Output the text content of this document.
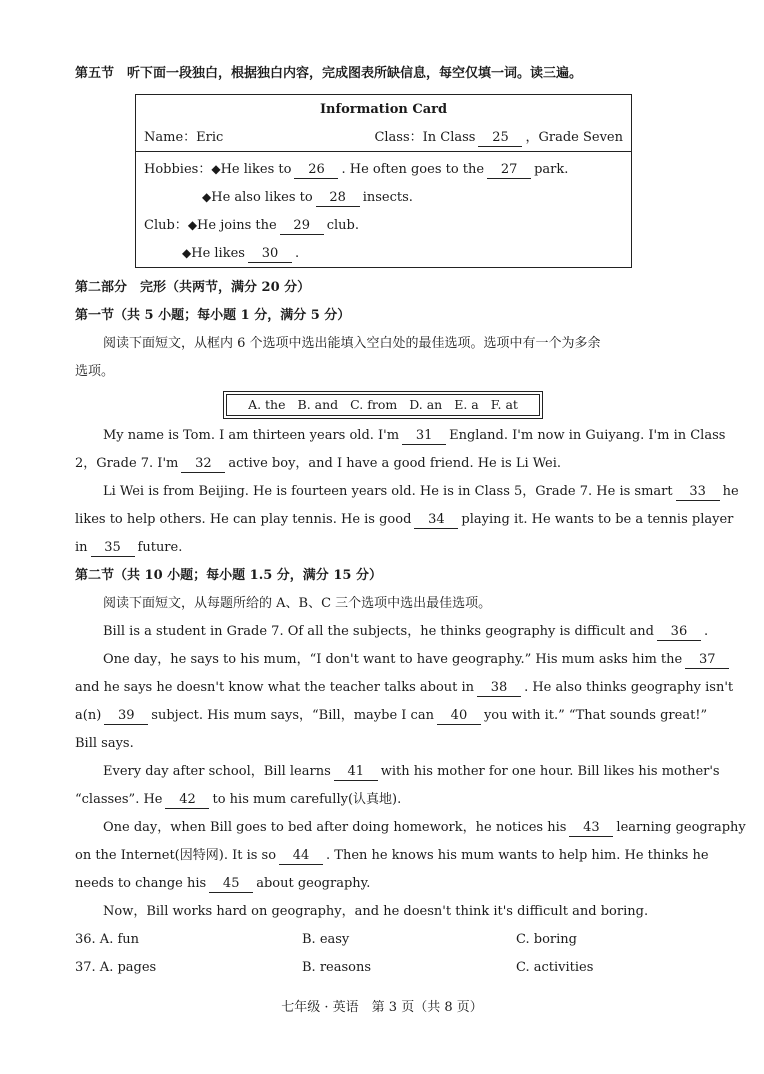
第五节　听下面一段独白，根据独白内容，完成图表所缺信息，每空仅填一词。读三遍。
Information Card
Name：Eric	Class：In Class 25 ，Grade Seven
Hobbies：◆He likes to 26 . He often goes to the 27 park.
◆He also likes to 28 insects.
Club：◆He joins the 29 club.
◆He likes 30 .
第二部分　完形（共两节，满分 20 分）
第一节（共 5 小题；每小题 1 分，满分 5 分）
阅读下面短文，从框内 6 个选项中选出能填入空白处的最佳选项。选项中有一个为多余
选项。
A. the B. and C. from D. an E. a F. at
My name is Tom. I am thirteen years old. I'm 31 England. I'm now in Guiyang. I'm in Class
2，Grade 7. I'm 32 active boy，and I have a good friend. He is Li Wei.
Li Wei is from Beijing. He is fourteen years old. He is in Class 5，Grade 7. He is smart 33 he
likes to help others. He can play tennis. He is good 34 playing it. He wants to be a tennis player
in 35 future.
第二节（共 10 小题；每小题 1.5 分，满分 15 分）
阅读下面短文，从每题所给的 A、B、C 三个选项中选出最佳选项。
Bill is a student in Grade 7. Of all the subjects，he thinks geography is difficult and 36 .
One day，he says to his mum，“I don't want to have geography.” His mum asks him the 37
and he says he doesn't know what the teacher talks about in 38 . He also thinks geography isn't
a(n) 39 subject. His mum says，“Bill，maybe I can 40 you with it.” “That sounds great!”
Bill says.
Every day after school，Bill learns 41 with his mother for one hour. Bill likes his mother's
“classes”. He 42 to his mum carefully(认真地).
One day，when Bill goes to bed after doing homework，he notices his 43 learning geography
on the Internet(因特网). It is so 44 . Then he knows his mum wants to help him. He thinks he
needs to change his 45 about geography.
Now，Bill works hard on geography，and he doesn't think it's difficult and boring.
36. A. fun	B. easy	C. boring
37. A. pages	B. reasons	C. activities
七年级 · 英语　第 3 页（共 8 页）
